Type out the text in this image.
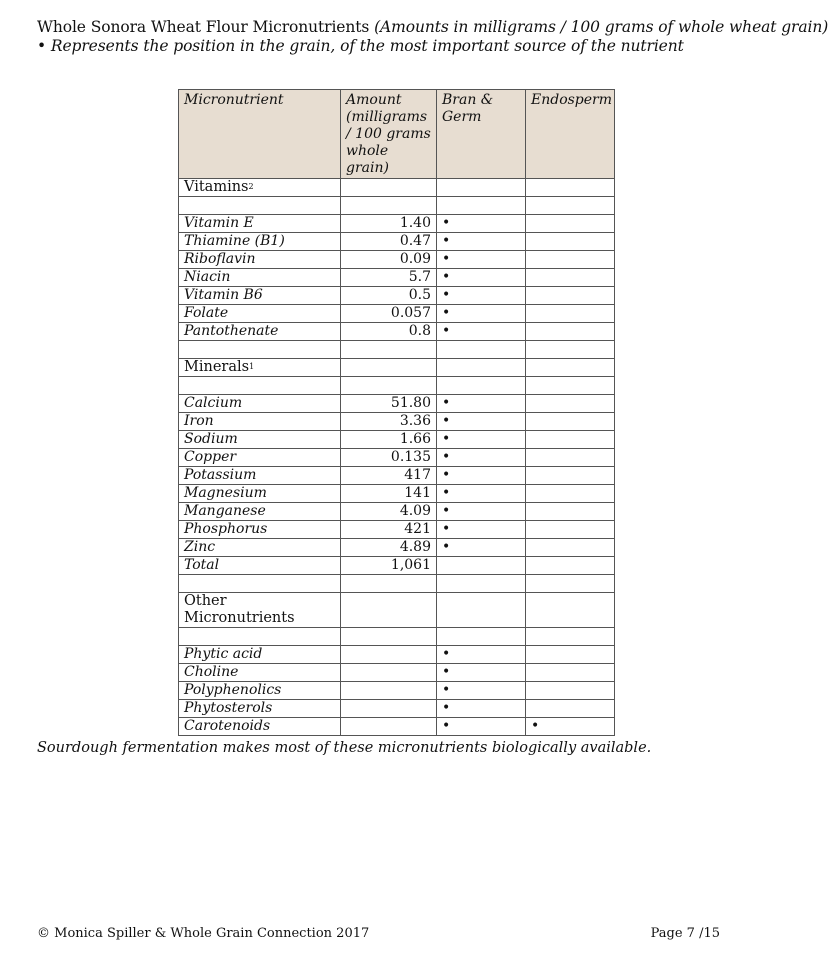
Whole Sonora Wheat Flour Micronutrients (Amounts in milligrams / 100 grams of whole wheat grain)
• Represents the position in the grain, of the most important source of the nutrient
Micronutrient	Amount (milligrams / 100 grams whole grain)	Bran & Germ	Endosperm
Vitamins$^2$			

Vitamin E	1.40	•	
Thiamine (B1)	0.47	•	
Riboflavin	0.09	•	
Niacin	5.7	•	
Vitamin B6	0.5	•	
Folate	0.057	•	
Pantothenate	0.8	•	

Minerals$^1$			

Calcium	51.80	•	
Iron	3.36	•	
Sodium	1.66	•	
Copper	0.135	•	
Potassium	417	•	
Magnesium	141	•	
Manganese	4.09	•	
Phosphorus	421	•	
Zinc	4.89	•	
Total	1,061		

Other Micronutrients			

Phytic acid		•	
Choline		•	
Polyphenolics		•	
Phytosterols		•	
Carotenoids		•	•
Sourdough fermentation makes most of these micronutrients biologically available.
© Monica Spiller & Whole Grain Connection 2017	Page 7 /15
